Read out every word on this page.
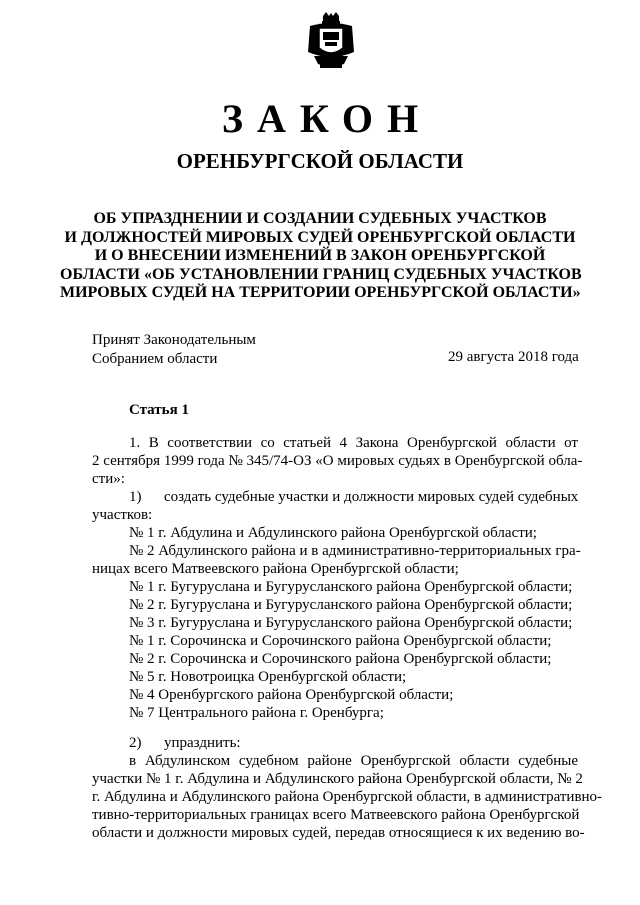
ЗАКОН
ОРЕНБУРГСКОЙ ОБЛАСТИ
ОБ УПРАЗДНЕНИИ И СОЗДАНИИ СУДЕБНЫХ УЧАСТКОВ
И ДОЛЖНОСТЕЙ МИРОВЫХ СУДЕЙ ОРЕНБУРГСКОЙ ОБЛАСТИ
И О ВНЕСЕНИИ ИЗМЕНЕНИЙ В ЗАКОН ОРЕНБУРГСКОЙ
ОБЛАСТИ «ОБ УСТАНОВЛЕНИИ ГРАНИЦ СУДЕБНЫХ УЧАСТКОВ
МИРОВЫХ СУДЕЙ НА ТЕРРИТОРИИ ОРЕНБУРГСКОЙ ОБЛАСТИ»
Принят Законодательным
Собранием области	29 августа 2018 года
Статья 1
1. В соответствии со статьей 4 Закона Оренбургской области от
2 сентября 1999 года № 345/74-ОЗ «О мировых судьях в Оренбургской обла-
сти»:
1)      создать судебные участки и должности мировых судей судебных
участков:
№ 1 г. Абдулина и Абдулинского района Оренбургской области;
№ 2 Абдулинского района и в административно-территориальных гра-
ницах всего Матвеевского района Оренбургской области;
№ 1 г. Бугуруслана и Бугурусланского района Оренбургской области;
№ 2 г. Бугуруслана и Бугурусланского района Оренбургской области;
№ 3 г. Бугуруслана и Бугурусланского района Оренбургской области;
№ 1 г. Сорочинска и Сорочинского района Оренбургской области;
№ 2 г. Сорочинска и Сорочинского района Оренбургской области;
№ 5 г. Новотроицка Оренбургской области;
№ 4 Оренбургского района Оренбургской области;
№ 7 Центрального района г. Оренбурга;
2)      упразднить:
в Абдулинском судебном районе Оренбургской области судебные
участки № 1 г. Абдулина и Абдулинского района Оренбургской области, № 2
г. Абдулина и Абдулинского района Оренбургской области, в административно-
тивно-территориальных границах всего Матвеевского района Оренбургской
области и должности мировых судей, передав относящиеся к их ведению во-
